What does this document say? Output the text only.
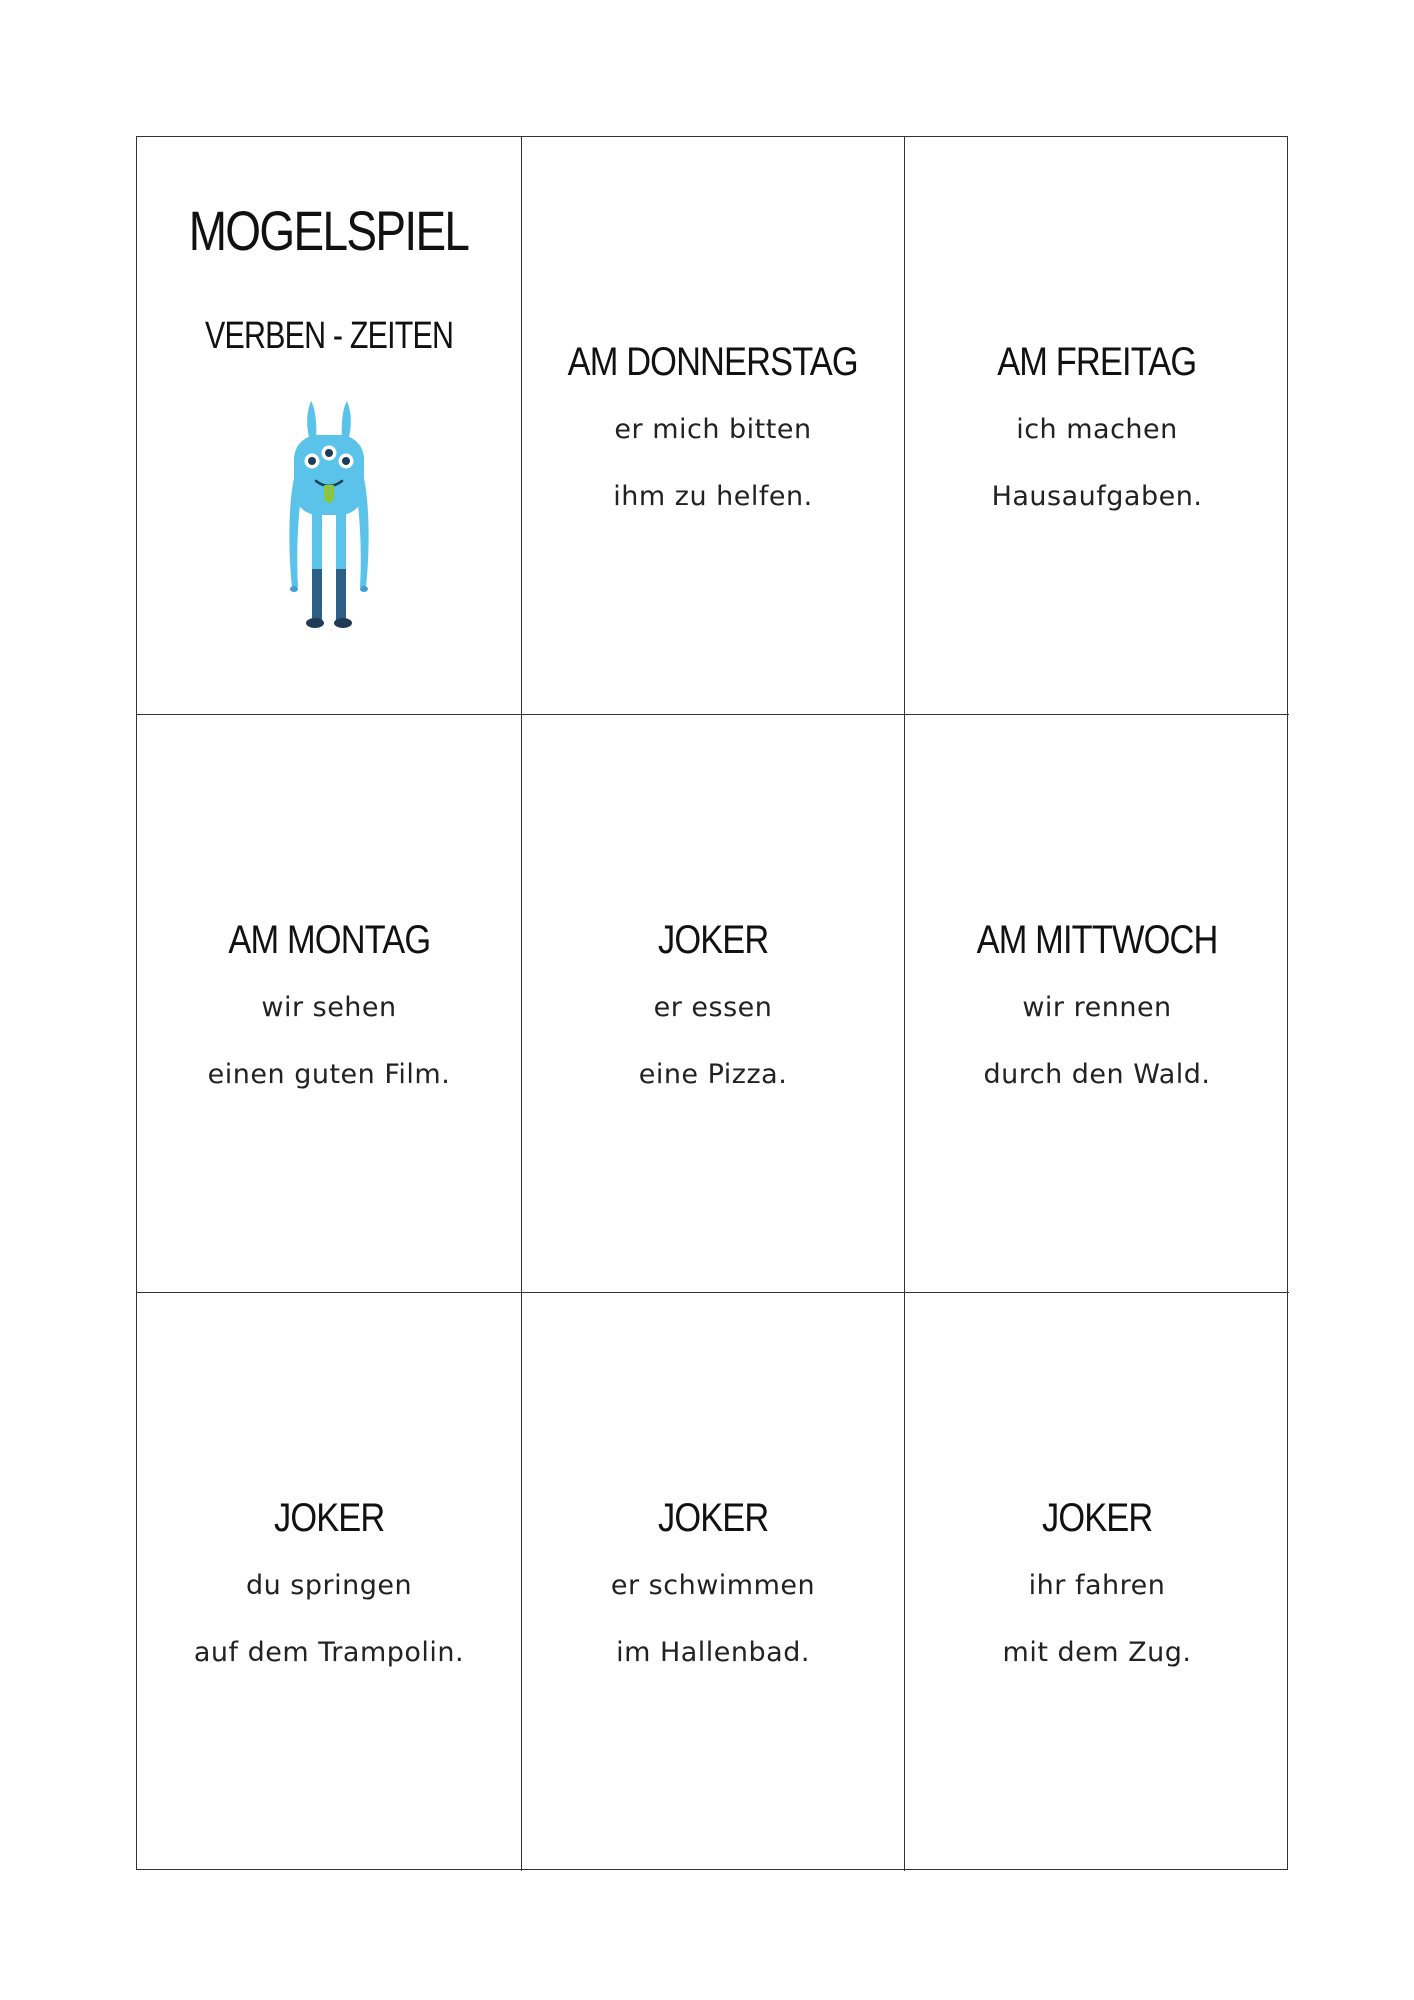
MOGELSPIEL
VERBEN - ZEITEN
AM DONNERSTAG
er mich bitten
ihm zu helfen.
AM FREITAG
ich machen
Hausaufgaben.
AM MONTAG
wir sehen
einen guten Film.
JOKER
er essen
eine Pizza.
AM MITTWOCH
wir rennen
durch den Wald.
JOKER
du springen
auf dem Trampolin.
JOKER
er schwimmen
im Hallenbad.
JOKER
ihr fahren
mit dem Zug.
